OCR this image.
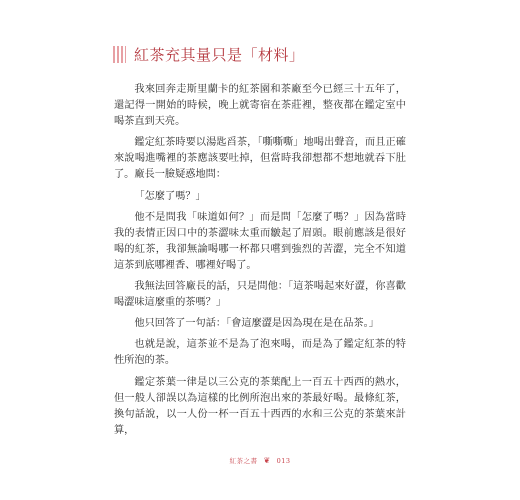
紅茶充其量只是「材料」

我來回奔走斯里蘭卡的紅茶園和茶廠至今已經三十五年了，還記得一開始的時候，晚上就寄宿在茶莊裡，整夜都在鑑定室中喝茶直到天亮。

鑑定紅茶時要以湯匙舀茶，「嘶嘶嘶」地喝出聲音，而且正確來說喝進嘴裡的茶應該要吐掉，但當時我卻想都不想地就吞下肚了。廠長一臉疑惑地問：

「怎麼了嗎？」

他不是問我「味道如何？」而是問「怎麼了嗎？」因為當時我的表情正因口中的茶澀味太重而皺起了眉頭。眼前應該是很好喝的紅茶，我卻無論喝哪一杯都只嚐到強烈的苦澀，完全不知道這茶到底哪裡香、哪裡好喝了。

我無法回答廠長的話，只是問他：「這茶喝起來好澀，你喜歡喝澀味這麼重的茶嗎？」

他只回答了一句話：「會這麼澀是因為現在是在品茶。」

也就是說，這茶並不是為了泡來喝，而是為了鑑定紅茶的特性所泡的茶。

鑑定茶葉一律是以三公克的茶葉配上一百五十西西的熱水，但一般人卻誤以為這樣的比例所泡出來的茶最好喝。最條紅茶，換句話說，以一人份一杯一百五十西西的水和三公克的茶葉來計算，

紅茶之書 ❦ 013
